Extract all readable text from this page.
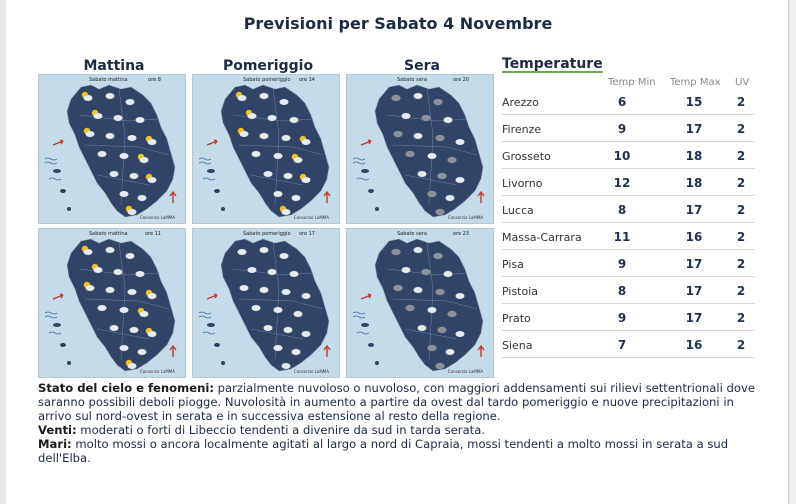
Previsioni per Sabato 4 Novembre
Mattina	Pomeriggio	Sera
Sabato mattina	ore 8
Consorzio LaMMA
Sabato pomeriggio ore 14
Consorzio LaMMA
Sabato sera	ore 20
Consorzio LaMMA
Sabato mattina	ore 11
Consorzio LaMMA
Sabato pomeriggio ore 17
Consorzio LaMMA
Sabato sera	ore 23
Consorzio LaMMA
Temperature
Temp Min Temp Max UV
Arezzo	6	15	2
Firenze	9	17	2
Grosseto	10	18	2
Livorno	12	18	2
Lucca	8	17	2
Massa-Carrara	11	16	2
Pisa	9	17	2
Pistoia	8	17	2
Prato	9	17	2
Siena	7	16	2

Stato del cielo e fenomeni: parzialmente nuvoloso o nuvoloso, con maggiori addensamenti sui rilievi settentrionali dove saranno possibili deboli piogge. Nuvolosità in aumento a partire da ovest dal tardo pomeriggio e nuove precipitazioni in arrivo sul nord-ovest in serata e in successiva estensione al resto della regione.

Venti: moderati o forti di Libeccio tendenti a divenire da sud in tarda serata.

Mari: molto mossi o ancora localmente agitati al largo a nord di Capraia, mossi tendenti a molto mossi in serata a sud dell'Elba.
